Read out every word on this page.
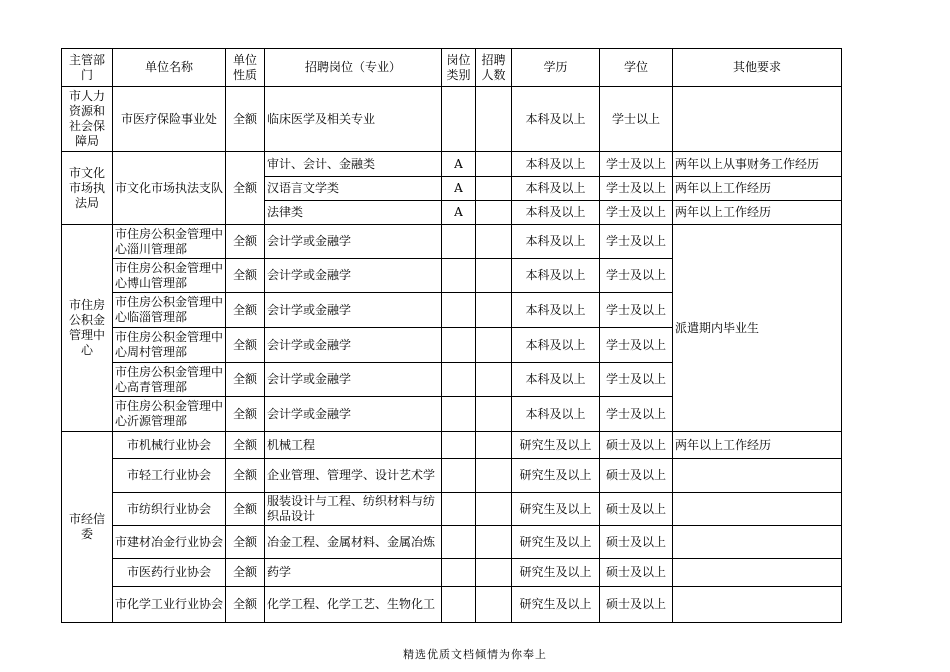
主管部门	单位名称	单位性质	招聘岗位（专业）	岗位类别	招聘人数	学历	学位	其他要求
市人力资源和社会保障局	市医疗保险事业处	全额	临床医学及相关专业			本科及以上	学士以上	
市文化市场执法局	市文化市场执法支队	全额	审计、会计、金融类	A		本科及以上	学士及以上	两年以上从事财务工作经历
			汉语言文学类	A		本科及以上	学士及以上	两年以上工作经历
			法律类	A		本科及以上	学士及以上	两年以上工作经历
市住房公积金管理中心	市住房公积金管理中心淄川管理部	全额	会计学或金融学			本科及以上	学士及以上	派遣期内毕业生
	市住房公积金管理中心博山管理部	全额	会计学或金融学			本科及以上	学士及以上	
	市住房公积金管理中心临淄管理部	全额	会计学或金融学			本科及以上	学士及以上	
	市住房公积金管理中心周村管理部	全额	会计学或金融学			本科及以上	学士及以上	
	市住房公积金管理中心高青管理部	全额	会计学或金融学			本科及以上	学士及以上	
	市住房公积金管理中心沂源管理部	全额	会计学或金融学			本科及以上	学士及以上	
市经信委	市机械行业协会	全额	机械工程			研究生及以上	硕士及以上	两年以上工作经历
	市轻工行业协会	全额	企业管理、管理学、设计艺术学			研究生及以上	硕士及以上	
	市纺织行业协会	全额	服装设计与工程、纺织材料与纺织品设计			研究生及以上	硕士及以上	
	市建材冶金行业协会	全额	冶金工程、金属材料、金属冶炼			研究生及以上	硕士及以上	
	市医药行业协会	全额	药学			研究生及以上	硕士及以上	
	市化学工业行业协会	全额	化学工程、化学工艺、生物化工			研究生及以上	硕士及以上	
精选优质文档倾情为你奉上
